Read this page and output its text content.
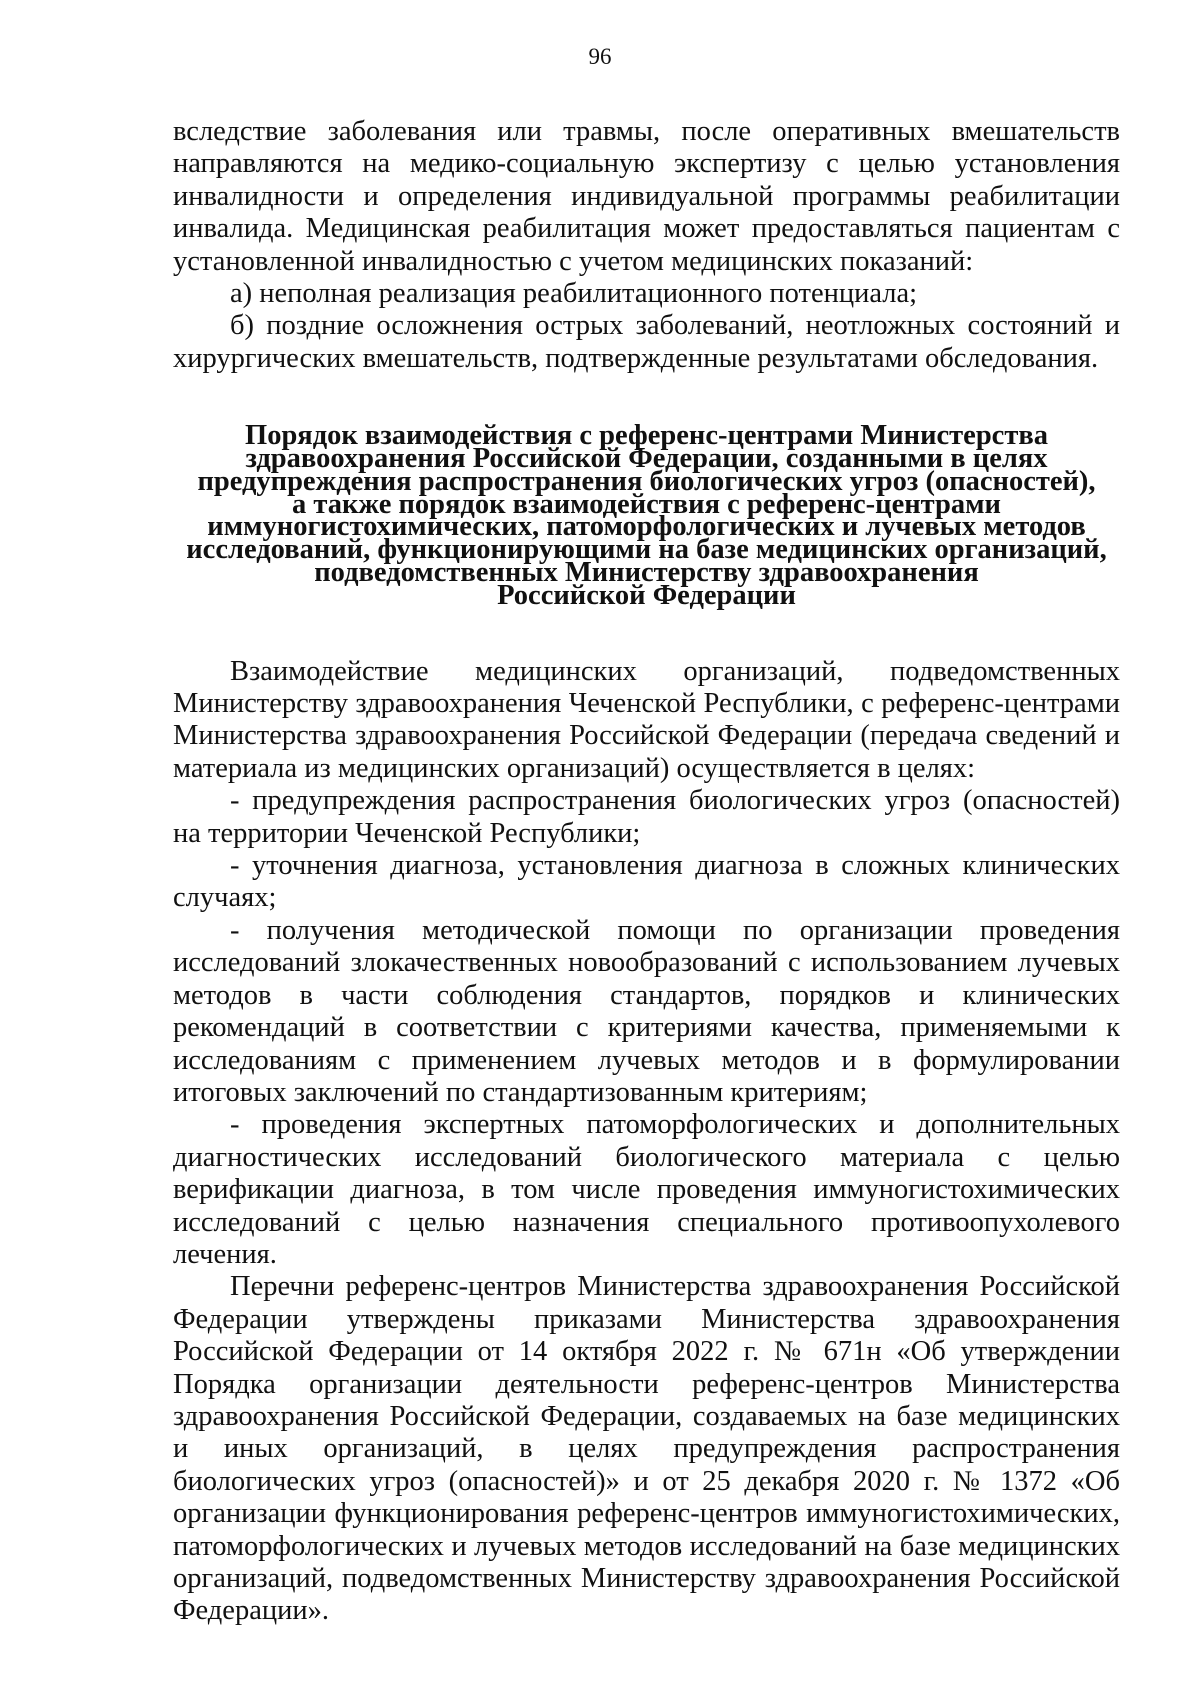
96

вследствие заболевания или травмы, после оперативных вмешательств направляются на медико-социальную экспертизу с целью установления инвалидности и определения индивидуальной программы реабилитации инвалида. Медицинская реабилитация может предоставляться пациентам с установленной инвалидностью с учетом медицинских показаний:

а) неполная реализация реабилитационного потенциала;

б) поздние осложнения острых заболеваний, неотложных состояний и хирургических вмешательств, подтвержденные результатами обследования.

Порядок взаимодействия с референс-центрами Министерства
здравоохранения Российской Федерации, созданными в целях
предупреждения распространения биологических угроз (опасностей),
а также порядок взаимодействия с референс-центрами
иммуногистохимических, патоморфологических и лучевых методов
исследований, функционирующими на базе медицинских организаций,
подведомственных Министерству здравоохранения
Российской Федерации

Взаимодействие медицинских организаций, подведомственных Министерству здравоохранения Чеченской Республики, с референс-центрами Министерства здравоохранения Российской Федерации (передача сведений и материала из медицинских организаций) осуществляется в целях:

- предупреждения распространения биологических угроз (опасностей) на территории Чеченской Республики;

- уточнения диагноза, установления диагноза в сложных клинических случаях;

- получения методической помощи по организации проведения исследований злокачественных новообразований с использованием лучевых методов в части соблюдения стандартов, порядков и клинических рекомендаций в соответствии с критериями качества, применяемыми к исследованиям с применением лучевых методов и в формулировании итоговых заключений по стандартизованным критериям;

- проведения экспертных патоморфологических и дополнительных диагностических исследований биологического материала с целью верификации диагноза, в том числе проведения иммуногистохимических исследований с целью назначения специального противоопухолевого лечения.

Перечни референс-центров Министерства здравоохранения Российской Федерации утверждены приказами Министерства здравоохранения Российской Федерации от 14 октября 2022 г. № 671н «Об утверждении Порядка организации деятельности референс-центров Министерства здравоохранения Российской Федерации, создаваемых на базе медицинских и иных организаций, в целях предупреждения распространения биологических угроз (опасностей)» и от 25 декабря 2020 г. № 1372 «Об организации функционирования референс-центров иммуногистохимических, патоморфологических и лучевых методов исследований на базе медицинских организаций, подведомственных Министерству здравоохранения Российской Федерации».
